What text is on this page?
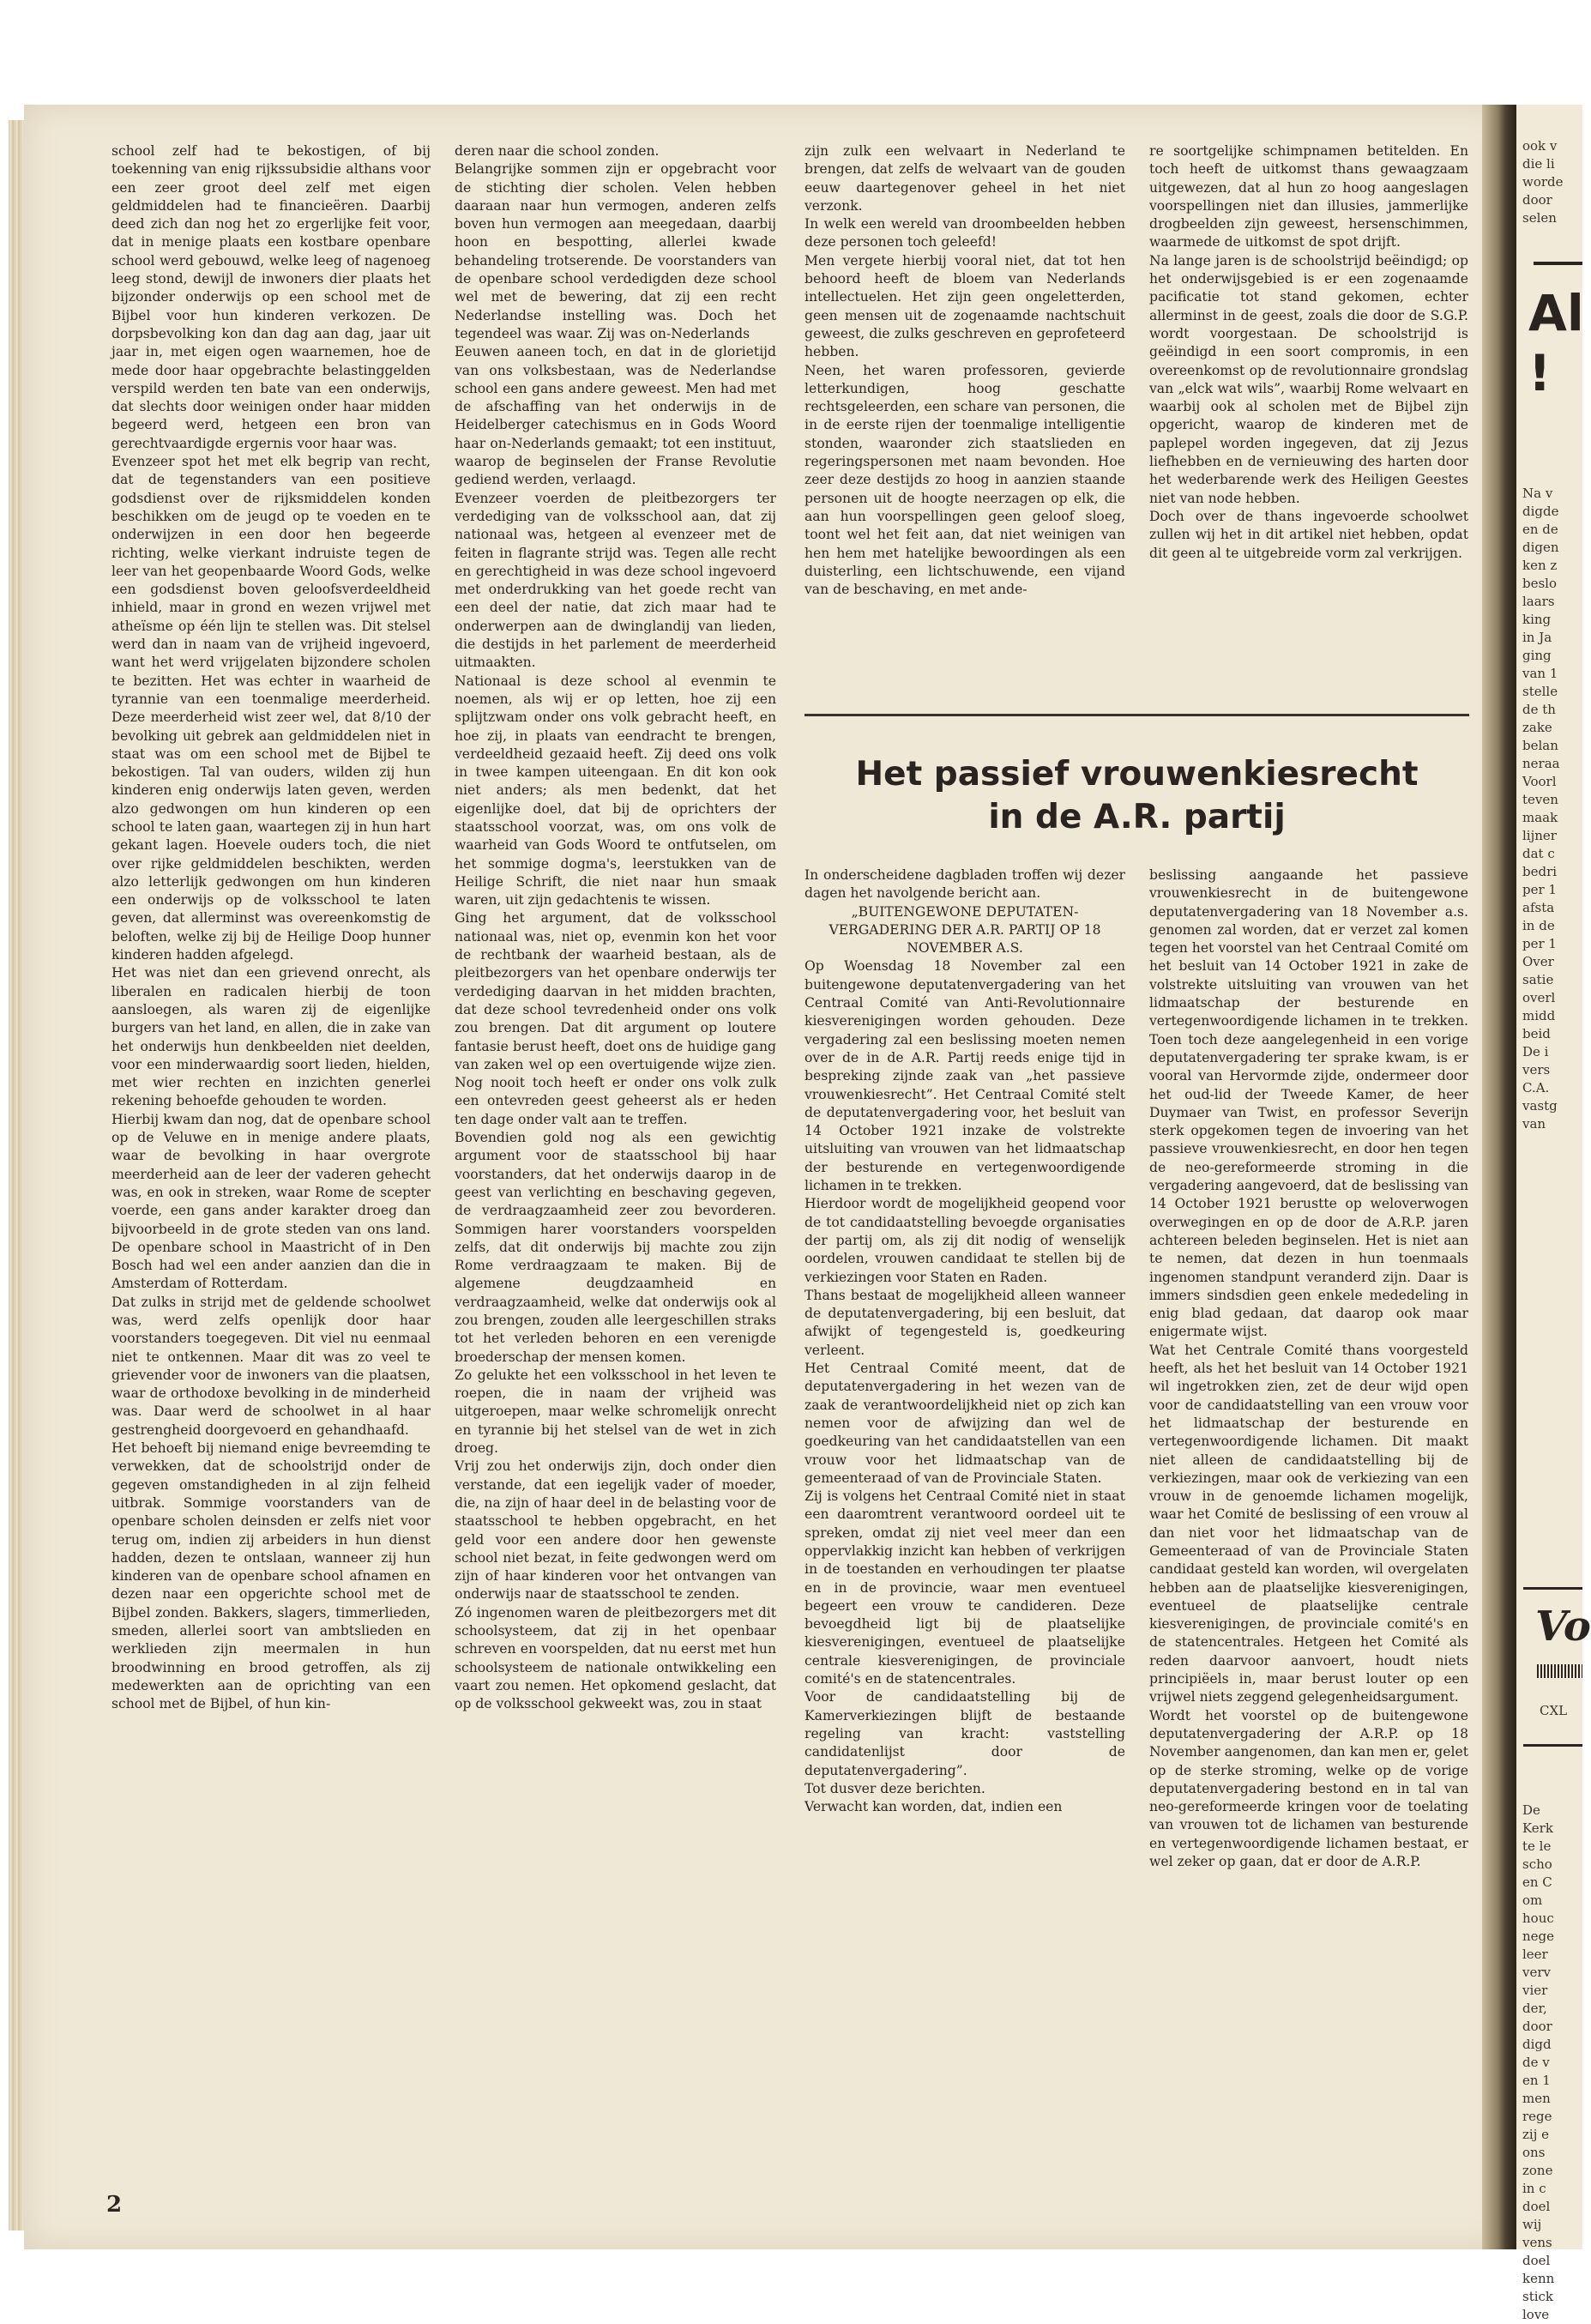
school zelf had te bekostigen, of bij toekenning van enig rijkssubsidie althans voor een zeer groot deel zelf met eigen geldmiddelen had te financieëren. Daarbij deed zich dan nog het zo ergerlijke feit voor, dat in menige plaats een kostbare openbare school werd gebouwd, welke leeg of nagenoeg leeg stond, dewijl de inwoners dier plaats het bijzonder onderwijs op een school met de Bijbel voor hun kinderen verkozen. De dorpsbevolking kon dan dag aan dag, jaar uit jaar in, met eigen ogen waarnemen, hoe de mede door haar opgebrachte belastinggelden verspild werden ten bate van een onderwijs, dat slechts door weinigen onder haar midden begeerd werd, hetgeen een bron van gerechtvaardigde ergernis voor haar was.

Evenzeer spot het met elk begrip van recht, dat de tegenstanders van een positieve godsdienst over de rijksmiddelen konden beschikken om de jeugd op te voeden en te onderwijzen in een door hen begeerde richting, welke vierkant indruiste tegen de leer van het geopenbaarde Woord Gods, welke een godsdienst boven geloofsverdeeldheid inhield, maar in grond en wezen vrijwel met atheïsme op één lijn te stellen was. Dit stelsel werd dan in naam van de vrijheid ingevoerd, want het werd vrijgelaten bijzondere scholen te bezitten. Het was echter in waarheid de tyrannie van een toenmalige meerderheid. Deze meerderheid wist zeer wel, dat 8/10 der bevolking uit gebrek aan geldmiddelen niet in staat was om een school met de Bijbel te bekostigen. Tal van ouders, wilden zij hun kinderen enig onderwijs laten geven, werden alzo gedwongen om hun kinderen op een school te laten gaan, waartegen zij in hun hart gekant lagen. Hoevele ouders toch, die niet over rijke geldmiddelen beschikten, werden alzo letterlijk gedwongen om hun kinderen een onderwijs op de volksschool te laten geven, dat allerminst was overeenkomstig de beloften, welke zij bij de Heilige Doop hunner kinderen hadden afgelegd.

Het was niet dan een grievend onrecht, als liberalen en radicalen hierbij de toon aansloegen, als waren zij de eigenlijke burgers van het land, en allen, die in zake van het onderwijs hun denkbeelden niet deelden, voor een minderwaardig soort lieden, hielden, met wier rechten en inzichten generlei rekening behoefde gehouden te worden.

Hierbij kwam dan nog, dat de openbare school op de Veluwe en in menige andere plaats, waar de bevolking in haar overgrote meerderheid aan de leer der vaderen gehecht was, en ook in streken, waar Rome de scepter voerde, een gans ander karakter droeg dan bijvoorbeeld in de grote steden van ons land. De openbare school in Maastricht of in Den Bosch had wel een ander aanzien dan die in Amsterdam of Rotterdam.

Dat zulks in strijd met de geldende schoolwet was, werd zelfs openlijk door haar voorstanders toegegeven. Dit viel nu eenmaal niet te ontkennen. Maar dit was zo veel te grievender voor de inwoners van die plaatsen, waar de orthodoxe bevolking in de minderheid was. Daar werd de schoolwet in al haar gestrengheid doorgevoerd en gehandhaafd.

Het behoeft bij niemand enige bevreemding te verwekken, dat de schoolstrijd onder de gegeven omstandigheden in al zijn felheid uitbrak. Sommige voorstanders van de openbare scholen deinsden er zelfs niet voor terug om, indien zij arbeiders in hun dienst hadden, dezen te ontslaan, wanneer zij hun kinderen van de openbare school afnamen en dezen naar een opgerichte school met de Bijbel zonden. Bakkers, slagers, timmerlieden, smeden, allerlei soort van ambtslieden en werklieden zijn meermalen in hun broodwinning en brood getroffen, als zij medewerkten aan de oprichting van een school met de Bijbel, of hun kin-

deren naar die school zonden.

Belangrijke sommen zijn er opgebracht voor de stichting dier scholen. Velen hebben daaraan naar hun vermogen, anderen zelfs boven hun vermogen aan meegedaan, daarbij hoon en bespotting, allerlei kwade behandeling trotserende. De voorstanders van de openbare school verdedigden deze school wel met de bewering, dat zij een recht Nederlandse instelling was. Doch het tegendeel was waar. Zij was on-Nederlands

Eeuwen aaneen toch, en dat in de glorietijd van ons volksbestaan, was de Nederlandse school een gans andere geweest. Men had met de afschaffing van het onderwijs in de Heidelberger catechismus en in Gods Woord haar on-Nederlands gemaakt; tot een instituut, waarop de beginselen der Franse Revolutie gediend werden, verlaagd.

Evenzeer voerden de pleitbezorgers ter verdediging van de volksschool aan, dat zij nationaal was, hetgeen al evenzeer met de feiten in flagrante strijd was. Tegen alle recht en gerechtigheid in was deze school ingevoerd met onderdrukking van het goede recht van een deel der natie, dat zich maar had te onderwerpen aan de dwinglandij van lieden, die destijds in het parlement de meerderheid uitmaakten.

Nationaal is deze school al evenmin te noemen, als wij er op letten, hoe zij een splijtzwam onder ons volk gebracht heeft, en hoe zij, in plaats van eendracht te brengen, verdeeldheid gezaaid heeft. Zij deed ons volk in twee kampen uiteengaan. En dit kon ook niet anders; als men bedenkt, dat het eigenlijke doel, dat bij de oprichters der staatsschool voorzat, was, om ons volk de waarheid van Gods Woord te ontfutselen, om het sommige dogma's, leerstukken van de Heilige Schrift, die niet naar hun smaak waren, uit zijn gedachtenis te wissen.

Ging het argument, dat de volksschool nationaal was, niet op, evenmin kon het voor de rechtbank der waarheid bestaan, als de pleitbezorgers van het openbare onderwijs ter verdediging daarvan in het midden brachten, dat deze school tevredenheid onder ons volk zou brengen. Dat dit argument op loutere fantasie berust heeft, doet ons de huidige gang van zaken wel op een overtuigende wijze zien. Nog nooit toch heeft er onder ons volk zulk een ontevreden geest geheerst als er heden ten dage onder valt aan te treffen.

Bovendien gold nog als een gewichtig argument voor de staatsschool bij haar voorstanders, dat het onderwijs daarop in de geest van verlichting en beschaving gegeven, de verdraagzaamheid zeer zou bevorderen. Sommigen harer voorstanders voorspelden zelfs, dat dit onderwijs bij machte zou zijn Rome verdraagzaam te maken. Bij de algemene deugdzaamheid en verdraagzaamheid, welke dat onderwijs ook al zou brengen, zouden alle leergeschillen straks tot het verleden behoren en een verenigde broederschap der mensen komen.

Zo gelukte het een volksschool in het leven te roepen, die in naam der vrijheid was uitgeroepen, maar welke schromelijk onrecht en tyrannie bij het stelsel van de wet in zich droeg.

Vrij zou het onderwijs zijn, doch onder dien verstande, dat een iegelijk vader of moeder, die, na zijn of haar deel in de belasting voor de staatsschool te hebben opgebracht, en het geld voor een andere door hen gewenste school niet bezat, in feite gedwongen werd om zijn of haar kinderen voor het ontvangen van onderwijs naar de staatsschool te zenden.

Zó ingenomen waren de pleitbezorgers met dit schoolsysteem, dat zij in het openbaar schreven en voorspelden, dat nu eerst met hun schoolsysteem de nationale ontwikkeling een vaart zou nemen. Het opkomend geslacht, dat op de volksschool gekweekt was, zou in staat

zijn zulk een welvaart in Nederland te brengen, dat zelfs de welvaart van de gouden eeuw daartegenover geheel in het niet verzonk.

In welk een wereld van droombeelden hebben deze personen toch geleefd!

Men vergete hierbij vooral niet, dat tot hen behoord heeft de bloem van Nederlands intellectuelen. Het zijn geen ongeletterden, geen mensen uit de zogenaamde nachtschuit geweest, die zulks geschreven en geprofeteerd hebben.

Neen, het waren professoren, gevierde letterkundigen, hoog geschatte rechtsgeleerden, een schare van personen, die in de eerste rijen der toenmalige intelligentie stonden, waaronder zich staatslieden en regeringspersonen met naam bevonden. Hoe zeer deze destijds zo hoog in aanzien staande personen uit de hoogte neerzagen op elk, die aan hun voorspellingen geen geloof sloeg, toont wel het feit aan, dat niet weinigen van hen hem met hatelijke bewoordingen als een duisterling, een lichtschuwende, een vijand van de beschaving, en met ande-

re soortgelijke schimpnamen betitelden. En toch heeft de uitkomst thans gewaagzaam uitgewezen, dat al hun zo hoog aangeslagen voorspellingen niet dan illusies, jammerlijke drogbeelden zijn geweest, hersenschimmen, waarmede de uitkomst de spot drijft.

Na lange jaren is de schoolstrijd beëindigd; op het onderwijsgebied is er een zogenaamde pacificatie tot stand gekomen, echter allerminst in de geest, zoals die door de S.G.P. wordt voorgestaan. De schoolstrijd is geëindigd in een soort compromis, in een overeenkomst op de revolutionnaire grondslag van „elck wat wils”, waarbij Rome welvaart en waarbij ook al scholen met de Bijbel zijn opgericht, waarop de kinderen met de paplepel worden ingegeven, dat zij Jezus liefhebben en de vernieuwing des harten door het wederbarende werk des Heiligen Geestes niet van node hebben.

Doch over de thans ingevoerde schoolwet zullen wij het in dit artikel niet hebben, opdat dit geen al te uitgebreide vorm zal verkrijgen.

Het passief vrouwenkiesrecht
in de A.R. partij

In onderscheidene dagbladen troffen wij dezer dagen het navolgende bericht aan.

„BUITENGEWONE DEPUTATEN-VERGADERING DER A.R. PARTIJ OP 18 NOVEMBER A.S.

Op Woensdag 18 November zal een buitengewone deputatenvergadering van het Centraal Comité van Anti-Revolutionnaire kiesverenigingen worden gehouden. Deze vergadering zal een beslissing moeten nemen over de in de A.R. Partij reeds enige tijd in bespreking zijnde zaak van „het passieve vrouwenkiesrecht”. Het Centraal Comité stelt de deputatenvergadering voor, het besluit van 14 October 1921 inzake de volstrekte uitsluiting van vrouwen van het lidmaatschap der besturende en vertegenwoordigende lichamen in te trekken.

Hierdoor wordt de mogelijkheid geopend voor de tot candidaatstelling bevoegde organisaties der partij om, als zij dit nodig of wenselijk oordelen, vrouwen candidaat te stellen bij de verkiezingen voor Staten en Raden.

Thans bestaat de mogelijkheid alleen wanneer de deputatenvergadering, bij een besluit, dat afwijkt of tegengesteld is, goedkeuring verleent.

Het Centraal Comité meent, dat de deputatenvergadering in het wezen van de zaak de verantwoordelijkheid niet op zich kan nemen voor de afwijzing dan wel de goedkeuring van het candidaatstellen van een vrouw voor het lidmaatschap van de gemeenteraad of van de Provinciale Staten.

Zij is volgens het Centraal Comité niet in staat een daaromtrent verantwoord oordeel uit te spreken, omdat zij niet veel meer dan een oppervlakkig inzicht kan hebben of verkrijgen in de toestanden en verhoudingen ter plaatse en in de provincie, waar men eventueel begeert een vrouw te candideren. Deze bevoegdheid ligt bij de plaatselijke kiesverenigingen, eventueel de plaatselijke centrale kiesverenigingen, de provinciale comité's en de statencentrales.

Voor de candidaatstelling bij de Kamerverkiezingen blijft de bestaande regeling van kracht: vaststelling candidatenlijst door de deputatenvergadering”.

Tot dusver deze berichten.

Verwacht kan worden, dat, indien een

beslissing aangaande het passieve vrouwenkiesrecht in de buitengewone deputatenvergadering van 18 November a.s. genomen zal worden, dat er verzet zal komen tegen het voorstel van het Centraal Comité om het besluit van 14 October 1921 in zake de volstrekte uitsluiting van vrouwen van het lidmaatschap der besturende en vertegenwoordigende lichamen in te trekken. Toen toch deze aangelegenheid in een vorige deputatenvergadering ter sprake kwam, is er vooral van Hervormde zijde, ondermeer door het oud-lid der Tweede Kamer, de heer Duymaer van Twist, en professor Severijn sterk opgekomen tegen de invoering van het passieve vrouwenkiesrecht, en door hen tegen de neo-gereformeerde stroming in die vergadering aangevoerd, dat de beslissing van 14 October 1921 berustte op weloverwogen overwegingen en op de door de A.R.P. jaren achtereen beleden beginselen. Het is niet aan te nemen, dat dezen in hun toenmaals ingenomen standpunt veranderd zijn. Daar is immers sindsdien geen enkele mededeling in enig blad gedaan, dat daarop ook maar enigermate wijst.

Wat het Centrale Comité thans voorgesteld heeft, als het het besluit van 14 October 1921 wil ingetrokken zien, zet de deur wijd open voor de candidaatstelling van een vrouw voor het lidmaatschap der besturende en vertegenwoordigende lichamen. Dit maakt niet alleen de candidaatstelling bij de verkiezingen, maar ook de verkiezing van een vrouw in de genoemde lichamen mogelijk, waar het Comité de beslissing of een vrouw al dan niet voor het lidmaatschap van de Gemeenteraad of van de Provinciale Staten candidaat gesteld kan worden, wil overgelaten hebben aan de plaatselijke kiesverenigingen, eventueel de plaatselijke centrale kiesverenigingen, de provinciale comité's en de statencentrales. Hetgeen het Comité als reden daarvoor aanvoert, houdt niets principiëels in, maar berust louter op een vrijwel niets zeggend gelegenheidsargument.

Wordt het voorstel op de buitengewone deputatenvergadering der A.R.P. op 18 November aangenomen, dan kan men er, gelet op de sterke stroming, welke op de vorige deputatenvergadering bestond en in tal van neo-gereformeerde kringen voor de toelating van vrouwen tot de lichamen van besturende en vertegenwoordigende lichamen bestaat, er wel zeker op gaan, dat er door de A.R.P.

2
ook v
die li
worde
door
selen
Al
!
Na v
digde
en de
digen
ken z
beslo
laars
king
in Ja
ging
van 1
stelle
de th
zake
belan
neraa
Voorl
teven
maak
lijner
dat c
bedri
per 1
afsta
in de
per 1
Over
satie
overl
midd
beid
De i
vers
C.A.
vastg
van
Vo
CXL
De
Kerk
te le
scho
en C
om
houc
nege
leer
verv
vier
der,
door
digd
de v
en 1
men
rege
zij e
ons
zone
in c
doel
wij
vens
doel
kenn
stick
love
